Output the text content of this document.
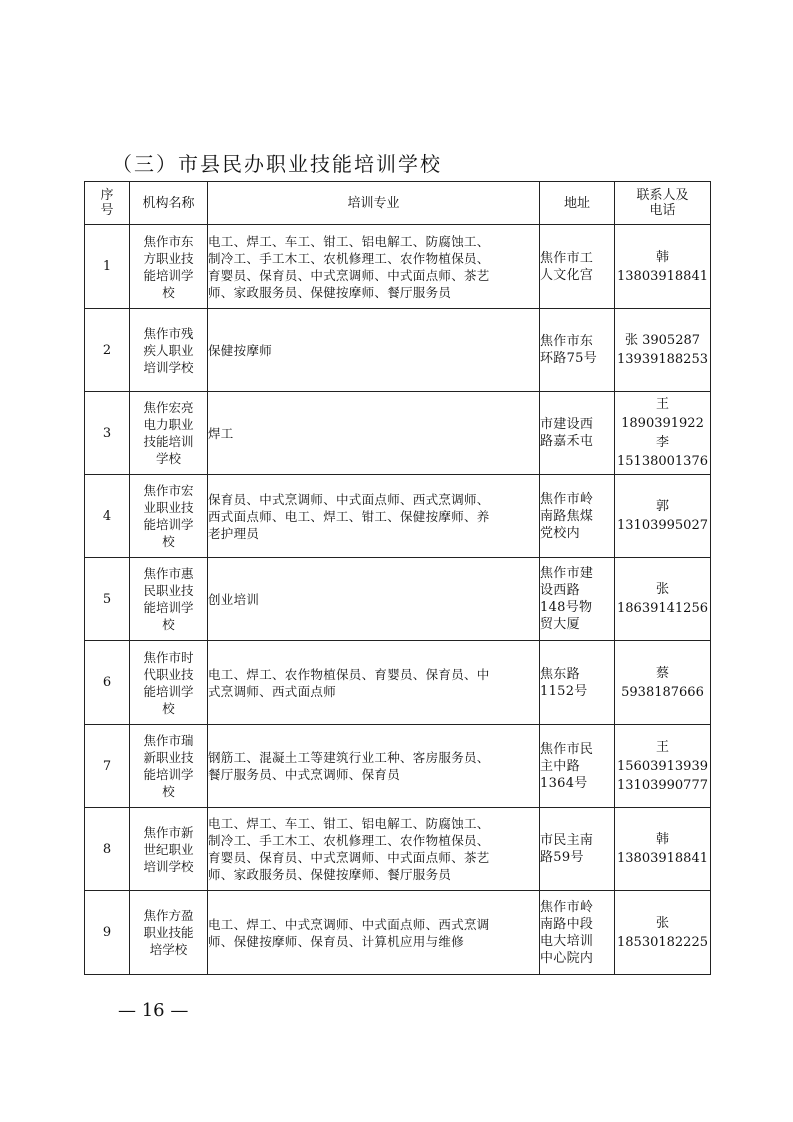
（三）市县民办职业技能培训学校
序
号	机构名称	培训专业	地址	联系人及
电话

1	焦作市东
方职业技
能培训学
校	电工、焊工、车工、钳工、铝电解工、防腐蚀工、
制冷工、手工木工、农机修理工、农作物植保员、
育婴员、保育员、中式烹调师、中式面点师、茶艺
师、家政服务员、保健按摩师、餐厅服务员	焦作市工
人文化宫	韩
13803918841

2	焦作市残
疾人职业
培训学校	保健按摩师	焦作市东
环路75号	张 3905287
13939188253

3	焦作宏亮
电力职业
技能培训
学校	焊工	市建设西
路嘉禾屯	王 1890391922
李
15138001376

4	焦作市宏
业职业技
能培训学
校	保育员、中式烹调师、中式面点师、西式烹调师、
西式面点师、电工、焊工、钳工、保健按摩师、养
老护理员	焦作市岭
南路焦煤
党校内	郭
13103995027

5	焦作市惠
民职业技
能培训学
校	创业培训	焦作市建
设西路
148号物
贸大厦	张
18639141256

6	焦作市时
代职业技
能培训学
校	电工、焊工、农作物植保员、育婴员、保育员、中
式烹调师、西式面点师	焦东路
1152号	蔡 5938187666

7	焦作市瑞
新职业技
能培训学
校	钢筋工、混凝土工等建筑行业工种、客房服务员、
餐厅服务员、中式烹调师、保育员	焦作市民
主中路
1364号	王
15603913939
13103990777

8	焦作市新
世纪职业
培训学校	电工、焊工、车工、钳工、铝电解工、防腐蚀工、
制冷工、手工木工、农机修理工、农作物植保员、
育婴员、保育员、中式烹调师、中式面点师、茶艺
师、家政服务员、保健按摩师、餐厅服务员	市民主南
路59号	韩
13803918841

9	焦作方盈
职业技能
培学校	电工、焊工、中式烹调师、中式面点师、西式烹调
师、保健按摩师、保育员、计算机应用与维修	焦作市岭
南路中段
电大培训
中心院内	张
18530182225
— 16 —
